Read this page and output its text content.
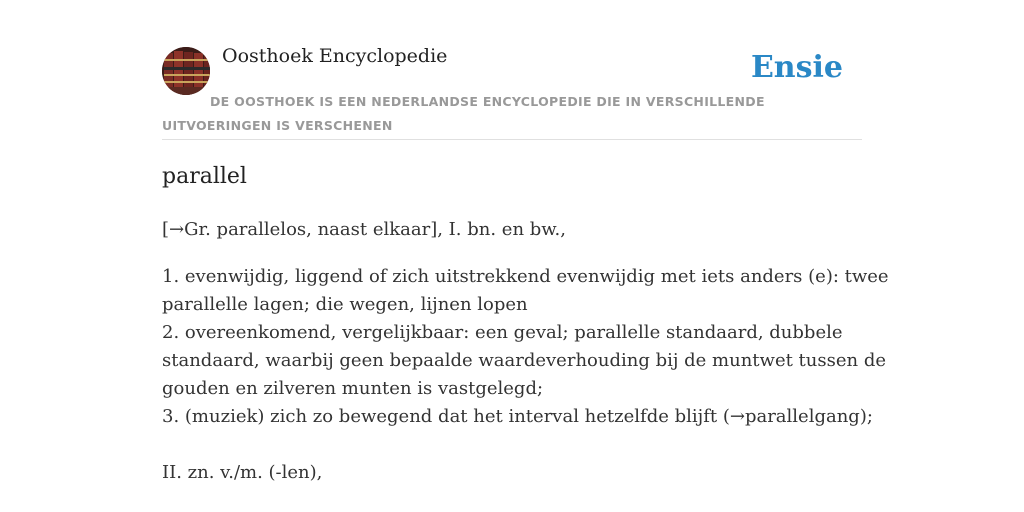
Oosthoek Encyclopedie	Ensie
DE OOSTHOEK IS EEN NEDERLANDSE ENCYCLOPEDIE DIE IN VERSCHILLENDE UITVOERINGEN IS VERSCHENEN
parallel
[→Gr. parallelos, naast elkaar], I. bn. en bw.,
1. evenwijdig, liggend of zich uitstrekkend evenwijdig met iets anders (e): twee
parallelle lagen; die wegen, lijnen lopen
2. overeenkomend, vergelijkbaar: een geval; parallelle standaard, dubbele
standaard, waarbij geen bepaalde waardeverhouding bij de muntwet tussen de
gouden en zilveren munten is vastgelegd;
3. (muziek) zich zo bewegend dat het interval hetzelfde blijft (→parallelgang);
II. zn. v./m. (-len),
